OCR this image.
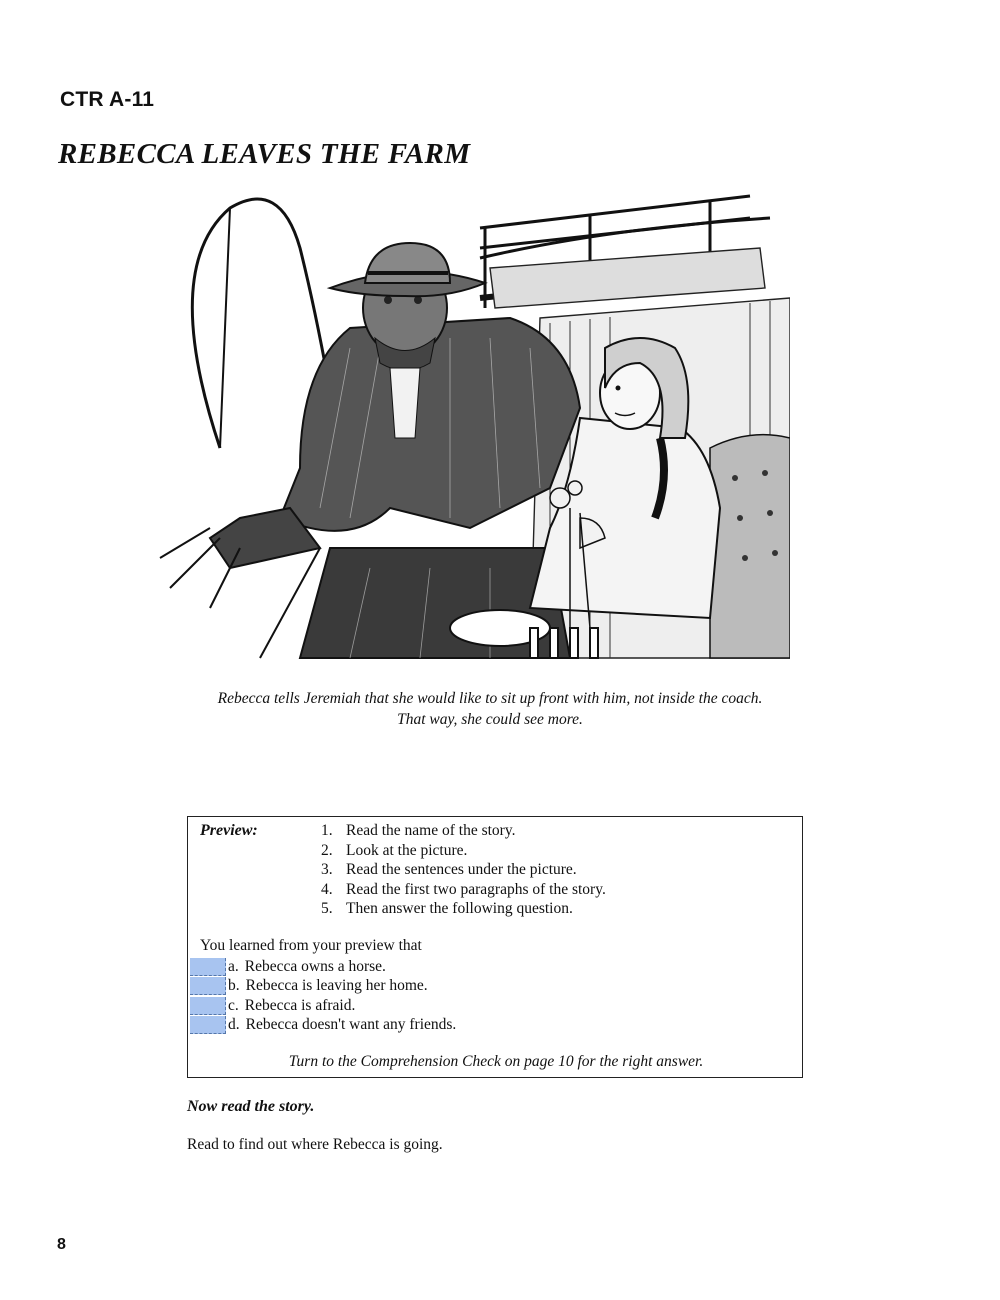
CTR A-11
REBECCA LEAVES THE FARM
Rebecca tells Jeremiah that she would like to sit up front with him, not inside the coach.
That way, she could see more.
Preview:	1. Read the name of the story.
2. Look at the picture.
3. Read the sentences under the picture.
4. Read the first two paragraphs of the story.
5. Then answer the following question.
You learned from your preview that
a. Rebecca owns a horse.
b. Rebecca is leaving her home.
c. Rebecca is afraid.
d. Rebecca doesn't want any friends.
Turn to the Comprehension Check on page 10 for the right answer.
Now read the story.
Read to find out where Rebecca is going.
8
